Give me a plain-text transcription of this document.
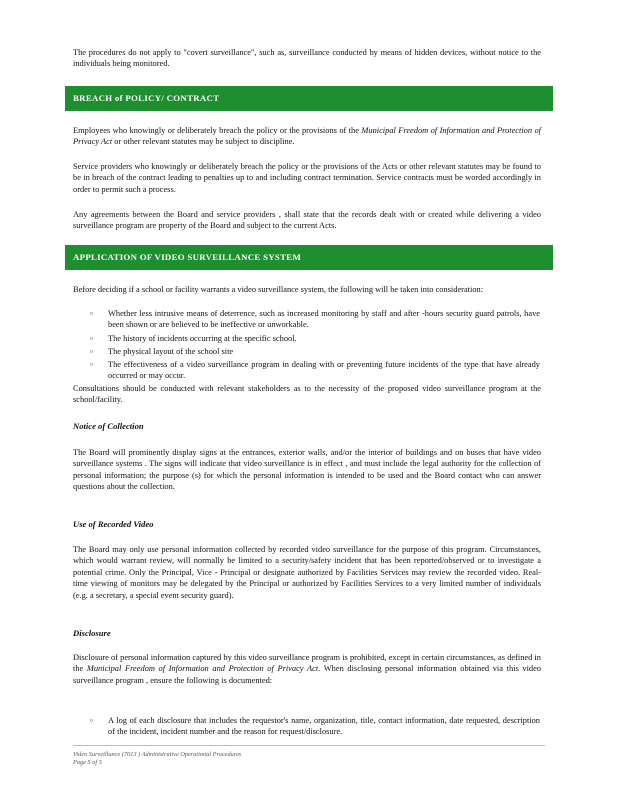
The procedures do not apply to "covert surveillance", such as, surveillance conducted by means of hidden devices, without notice to the individuals being monitored.

BREACH of POLICY/ CONTRACT

Employees who knowingly or deliberately breach the policy or the provisions of the Municipal Freedom of Information and Protection of Privacy Act or other relevant statutes may be subject to discipline.

Service providers who knowingly or deliberately breach the policy or the provisions of the Acts or other relevant statutes may be found to be in breach of the contract leading to penalties up to and including contract termination. Service contracts must be worded accordingly in order to permit such a process.

Any agreements between the Board and service providers , shall state that the records dealt with or created while delivering a video surveillance program are property of the Board and subject to the current Acts.

APPLICATION OF VIDEO SURVEILLANCE SYSTEM

Before deciding if a school or facility warrants a video surveillance system, the following will be taken into consideration:

▫	Whether less intrusive means of deterrence, such as increased monitoring by staff and after -hours security guard patrols, have been shown or are believed to be ineffective or unworkable.
▫	The history of incidents occurring at the specific school.
▫	The physical layout of the school site
▫	The effectiveness of a video surveillance program in dealing with or preventing future incidents of the type that have already occurred or may occur.

Consultations should be conducted with relevant stakeholders as to the necessity of the proposed video surveillance program at the school/facility.

Notice of Collection

The Board will prominently display signs at the entrances, exterior walls, and/or the interior of buildings and on buses that have video surveillance systems . The signs will indicate that video surveillance is in effect , and must include the legal authority for the collection of personal information; the purpose (s) for which the personal information is intended to be used and the Board contact who can answer questions about the collection.

Use of Recorded Video

The Board may only use personal information collected by recorded video surveillance for the purpose of this program. Circumstances, which would warrant review, will normally be limited to a security/safety incident that has been reported/observed or to investigate a potential crime. Only the Principal, Vice - Principal or designate authorized by Facilities Services may review the recorded video. Real- time viewing of monitors may be delegated by the Principal or authorized by Facilities Services to a very limited number of individuals (e.g. a secretary, a special event security guard).

Disclosure

Disclosure of personal information captured by this video surveillance program is prohibited, except in certain circumstances, as defined in the Municipal Freedom of Information and Protection of Privacy Act. When disclosing personal information obtained via this video surveillance program , ensure the following is documented:

▫	A log of each disclosure that includes the requestor's name, organization, title, contact information, date requested, description of the incident, incident number and the reason for request/disclosure.
Video Surveillance (7013 ) Administrative Operational Procedures
Page 5 of 5
